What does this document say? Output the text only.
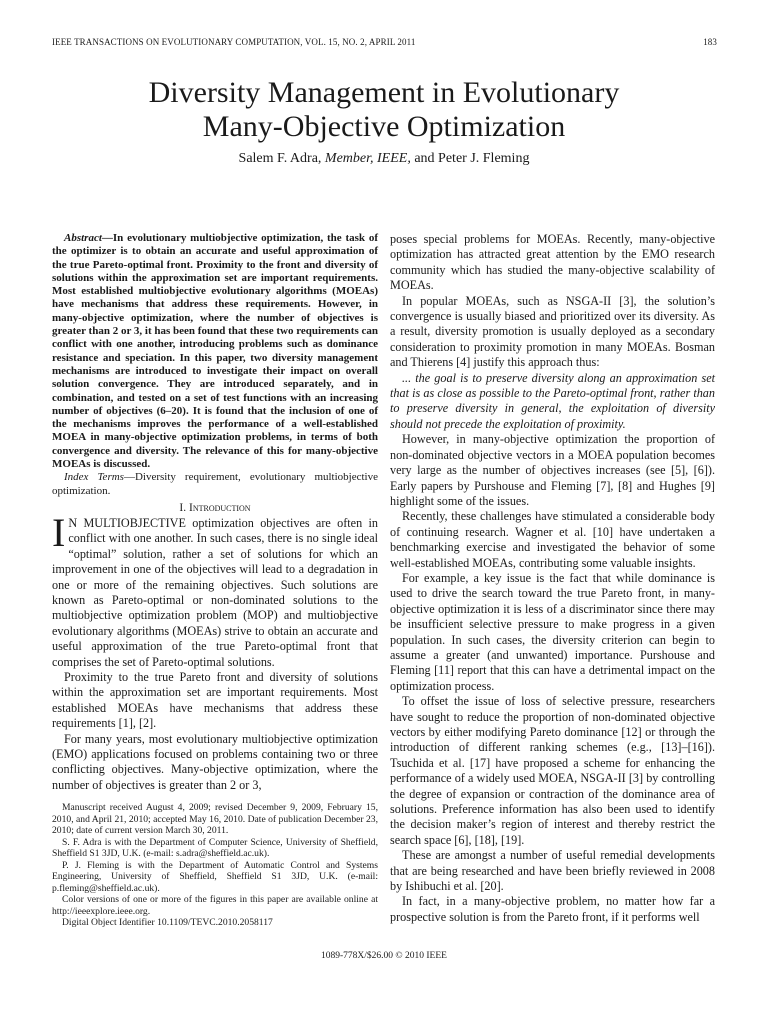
IEEE TRANSACTIONS ON EVOLUTIONARY COMPUTATION, VOL. 15, NO. 2, APRIL 2011	183
Diversity Management in Evolutionary
Many-Objective Optimization
Salem F. Adra, Member, IEEE, and Peter J. Fleming

Abstract—In evolutionary multiobjective optimization, the task of the optimizer is to obtain an accurate and useful approximation of the true Pareto-optimal front. Proximity to the front and diversity of solutions within the approximation set are important requirements. Most established multiobjective evolutionary algorithms (MOEAs) have mechanisms that address these requirements. However, in many-objective optimization, where the number of objectives is greater than 2 or 3, it has been found that these two requirements can conflict with one another, introducing problems such as dominance resistance and speciation. In this paper, two diversity management mechanisms are introduced to investigate their impact on overall solution convergence. They are introduced separately, and in combination, and tested on a set of test functions with an increasing number of objectives (6–20). It is found that the inclusion of one of the mechanisms improves the performance of a well-established MOEA in many-objective optimization problems, in terms of both convergence and diversity. The relevance of this for many-objective MOEAs is discussed.

Index Terms—Diversity requirement, evolutionary multiobjective optimization.

I. Introduction

I N MULTIOBJECTIVE optimization objectives are often in conflict with one another. In such cases, there is no single ideal “optimal” solution, rather a set of solutions for which an improvement in one of the objectives will lead to a degradation in one or more of the remaining objectives. Such solutions are known as Pareto-optimal or non-dominated solutions to the multiobjective optimization problem (MOP) and multiobjective evolutionary algorithms (MOEAs) strive to obtain an accurate and useful approximation of the true Pareto-optimal front that comprises the set of Pareto-optimal solutions.

Proximity to the true Pareto front and diversity of solutions within the approximation set are important requirements. Most established MOEAs have mechanisms that address these requirements [1], [2].

For many years, most evolutionary multiobjective optimization (EMO) applications focused on problems containing two or three conflicting objectives. Many-objective optimization, where the number of objectives is greater than 2 or 3,

Manuscript received August 4, 2009; revised December 9, 2009, February 15, 2010, and April 21, 2010; accepted May 16, 2010. Date of publication December 23, 2010; date of current version March 30, 2011.

S. F. Adra is with the Department of Computer Science, University of Sheffield, Sheffield S1 3JD, U.K. (e-mail: s.adra@sheffield.ac.uk).

P. J. Fleming is with the Department of Automatic Control and Systems Engineering, University of Sheffield, Sheffield S1 3JD, U.K. (e-mail: p.fleming@sheffield.ac.uk).

Color versions of one or more of the figures in this paper are available online at http://ieeexplore.ieee.org.

Digital Object Identifier 10.1109/TEVC.2010.2058117

poses special problems for MOEAs. Recently, many-objective optimization has attracted great attention by the EMO research community which has studied the many-objective scalability of MOEAs.

In popular MOEAs, such as NSGA-II [3], the solution’s convergence is usually biased and prioritized over its diversity. As a result, diversity promotion is usually deployed as a secondary consideration to proximity promotion in many MOEAs. Bosman and Thierens [4] justify this approach thus:

... the goal is to preserve diversity along an approximation set that is as close as possible to the Pareto-optimal front, rather than to preserve diversity in general, the exploitation of diversity should not precede the exploitation of proximity.

However, in many-objective optimization the proportion of non-dominated objective vectors in a MOEA population becomes very large as the number of objectives increases (see [5], [6]). Early papers by Purshouse and Fleming [7], [8] and Hughes [9] highlight some of the issues.

Recently, these challenges have stimulated a considerable body of continuing research. Wagner et al. [10] have undertaken a benchmarking exercise and investigated the behavior of some well-established MOEAs, contributing some valuable insights.

For example, a key issue is the fact that while dominance is used to drive the search toward the true Pareto front, in many-objective optimization it is less of a discriminator since there may be insufficient selective pressure to make progress in a given population. In such cases, the diversity criterion can begin to assume a greater (and unwanted) importance. Purshouse and Fleming [11] report that this can have a detrimental impact on the optimization process.

To offset the issue of loss of selective pressure, researchers have sought to reduce the proportion of non-dominated objective vectors by either modifying Pareto dominance [12] or through the introduction of different ranking schemes (e.g., [13]–[16]). Tsuchida et al. [17] have proposed a scheme for enhancing the performance of a widely used MOEA, NSGA-II [3] by controlling the degree of expansion or contraction of the dominance area of solutions. Preference information has also been used to identify the decision maker’s region of interest and thereby restrict the search space [6], [18], [19].

These are amongst a number of useful remedial developments that are being researched and have been briefly reviewed in 2008 by Ishibuchi et al. [20].

In fact, in a many-objective problem, no matter how far a prospective solution is from the Pareto front, if it performs well

1089-778X/$26.00 © 2010 IEEE
